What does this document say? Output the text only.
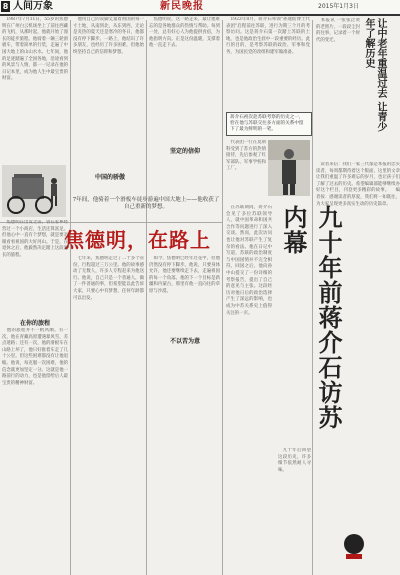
8 人间万象	新民晚报	2015年1月3日
　1987年7月11日，55岁的焦德明在广州白云机场坐上了前往西藏的飞机，从那时起，他就开始了漫长的徒步旅程。他骑着一辆三轮滑板车，带着简单的行装，走遍了中国大地上的山山水水。七年间，他的足迹踏遍了全国各地，沿途看到的风景与人情，都一一记录在他的日记本里，成为他人生中最宝贵的财富。
　他用自己的双脚丈量着祖国的每一寸土地，从南到北，从东到西，无论是炎热的夏天还是寒冷的冬日，他都没有停下脚步。一路上，他结识了许多朋友，也经历了许多困难，但他始终坚持自己的信仰和梦想。
　焦德明说，这一路走来，最让他难忘的是各地群众的热情与帮助。每到一处，总有好心人为他提供食宿，为他指明方向。正是这份温暖，支撑着他一直走下去。
中国的骄傲
坚定的信仰
7年间，他骑着一个滑板车徒步游遍中国大地上——他收获了自己重新的梦想。
焦德明，在路上
　焦德明在出发之前，曾在家乡经营过一个小商店，生活还算富足。但他心中一直有个梦想，就是要亲眼看看祖国的大好河山。于是，在退休之后，他毅然决定踏上这段漫长的旅程。
在你的旅程
　他的旅程并不一帆风顺。有一次，他在青藏高原遭遇暴风雪，差点迷路；还有一次，他的滑板车在山路上坏了，他只好推着车走了几十公里。但这些困难都没有让他退缩。他说，每克服一次困难，他的信念就更加坚定一分。这就是他一路前行的动力，也是他留给后人最宝贵的精神财富。
　七年来，焦德明走过了二十多个省份，行程超过三万公里。他的故事感动了无数人，许多人专程赶来为他送行。他说，自己只是一个普通人，做了一件普通的事，但希望能以此告诉大家，只要心中有梦想，任何年龄都可以出发。
　如今，焦德明已经年过花甲，但他仍然没有停下脚步。他说，只要身体允许，他还要继续走下去，走遍祖国的每一个角落。他的下一个目标是新疆和内蒙古，那里有他一直向往的草原与沙漠。
不以苦为意
蒋介石初次赴苏联考察的历史之一，恰在他与苏联交往多方面的关系中留下了最为鲜明的一笔。
　1923年8月，蒋介石率领"孙逸仙博士代表团"启程前往苏联，进行为期三个月的考察访问。这是蒋介石第一次踏上苏联的土地，也是他政治生涯中一段重要的经历。此行的目的，是考察苏联的政治、军事和党务，为国民党的改组和建军做准备。
　代表团一行在莫斯科受到了苏方的热情接待，先后参观了红军部队、军事学校和工厂。
九十年前蒋介石访苏内幕
　在苏联期间，蒋介石会见了多位苏联领导人，就中国革命和国共合作等问题进行了深入交谈。然而，此次访问也让他对苏联产生了复杂的看法。他在日记中写道，苏联的政治制度与中国国情并不完全相符。回国之后，他向孙中山提交了一份详细的考察报告，提出了自己的意见与主张。这段经历对他日后的政治选择产生了深远的影响，也成为中苏关系史上值得关注的一页。
　九十年后回望这段历史，许多细节依然耐人寻味。
让中老年重温过去 让青少年了解历史
　本报讯 一张张泛黄的老照片，一段段尘封的往事，记录着一个时代的变迁。
　读者来信：我们一家三代都是本报的忠实读者，每周都期待着这个版面，这里的文章让我们重温了许多难忘的岁月，也让孩子们了解了过去的历史。希望编辑部能够继续办好这个栏目，刊登更多精彩的故事。 　编者按：感谢读者的厚爱，我们将一如既往，为大家呈现更多真实生动的历史篇章。
